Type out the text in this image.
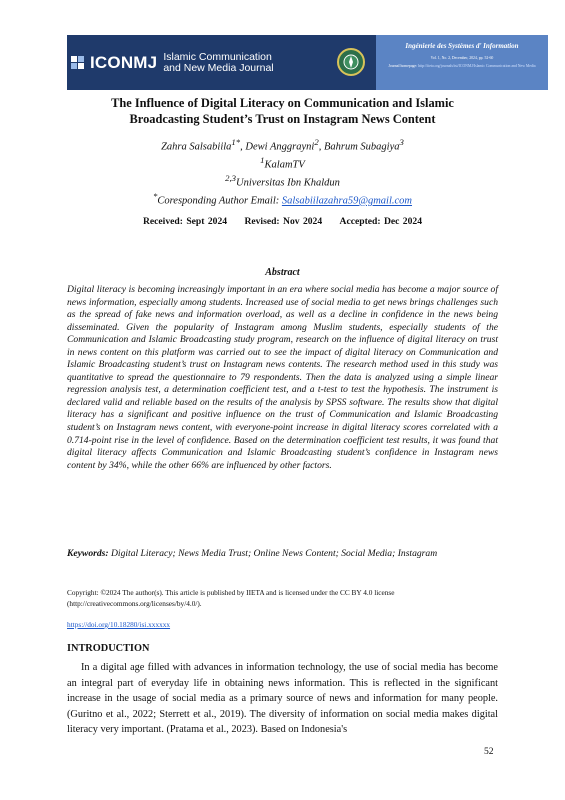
ICONMJ Islamic Communication
and New Media Journal
Ingénierie des Systèmes d' Information
Vol. 1, No. 2, December, 2024, pp. 52-60
Journal homepage: http://iieta.org/journals/isi/ICONMJ/Islamic Communication and New Media
The Influence of Digital Literacy on Communication and Islamic
Broadcasting Student’s Trust on Instagram News Content
Zahra Salsabiila$^{1*}$, Dewi Anggrayni$^2$, Bahrum Subagiya$^3$
$^1$KalamTV
$^{2,3}$Universitas Ibn Khaldun
*Coresponding Author Email: Salsabiilazahra59@gmail.com
Received: Sept 2024 Revised: Nov 2024 Accepted: Dec 2024
Abstract

Digital literacy is becoming increasingly important in an era where social media has become a major source of news information, especially among students. Increased use of social media to get news brings challenges such as the spread of fake news and information overload, as well as a decline in confidence in the news being disseminated. Given the popularity of Instagram among Muslim students, especially students of the Communication and Islamic Broadcasting study program, research on the influence of digital literacy on trust in news content on this platform was carried out to see the impact of digital literacy on Communication and Islamic Broadcasting student’s trust on Instagram news contents. The research method used in this study was quantitative to spread the questionnaire to 79 respondents. Then the data is analyzed using a simple linear regression analysis test, a determination coefficient test, and a t-test to test the hypothesis. The instrument is declared valid and reliable based on the results of the analysis by SPSS software. The results show that digital literacy has a significant and positive influence on the trust of Communication and Islamic Broadcasting student’s on Instagram news content, with everyone-point increase in digital literacy scores correlated with a 0.714-point rise in the level of confidence. Based on the determination coefficient test results, it was found that digital literacy affects Communication and Islamic Broadcasting student’s confidence in Instagram news content by 34%, while the other 66% are influenced by other factors.

Keywords: Digital Literacy; News Media Trust; Online News Content; Social Media; Instagram

Copyright: ©2024 The author(s). This article is published by IIETA and is licensed under the CC BY 4.0 license
(http://creativecommons.org/licenses/by/4.0/).

https://doi.org/10.18280/isi.xxxxxx
INTRODUCTION

In a digital age filled with advances in information technology, the use of social media has become an integral part of everyday life in obtaining news information. This is reflected in the significant increase in the usage of social media as a primary source of news and information for many people. (Guritno et al., 2022; Sterrett et al., 2019). The diversity of information on social media makes digital literacy very important. (Pratama et al., 2023). Based on Indonesia's

52
